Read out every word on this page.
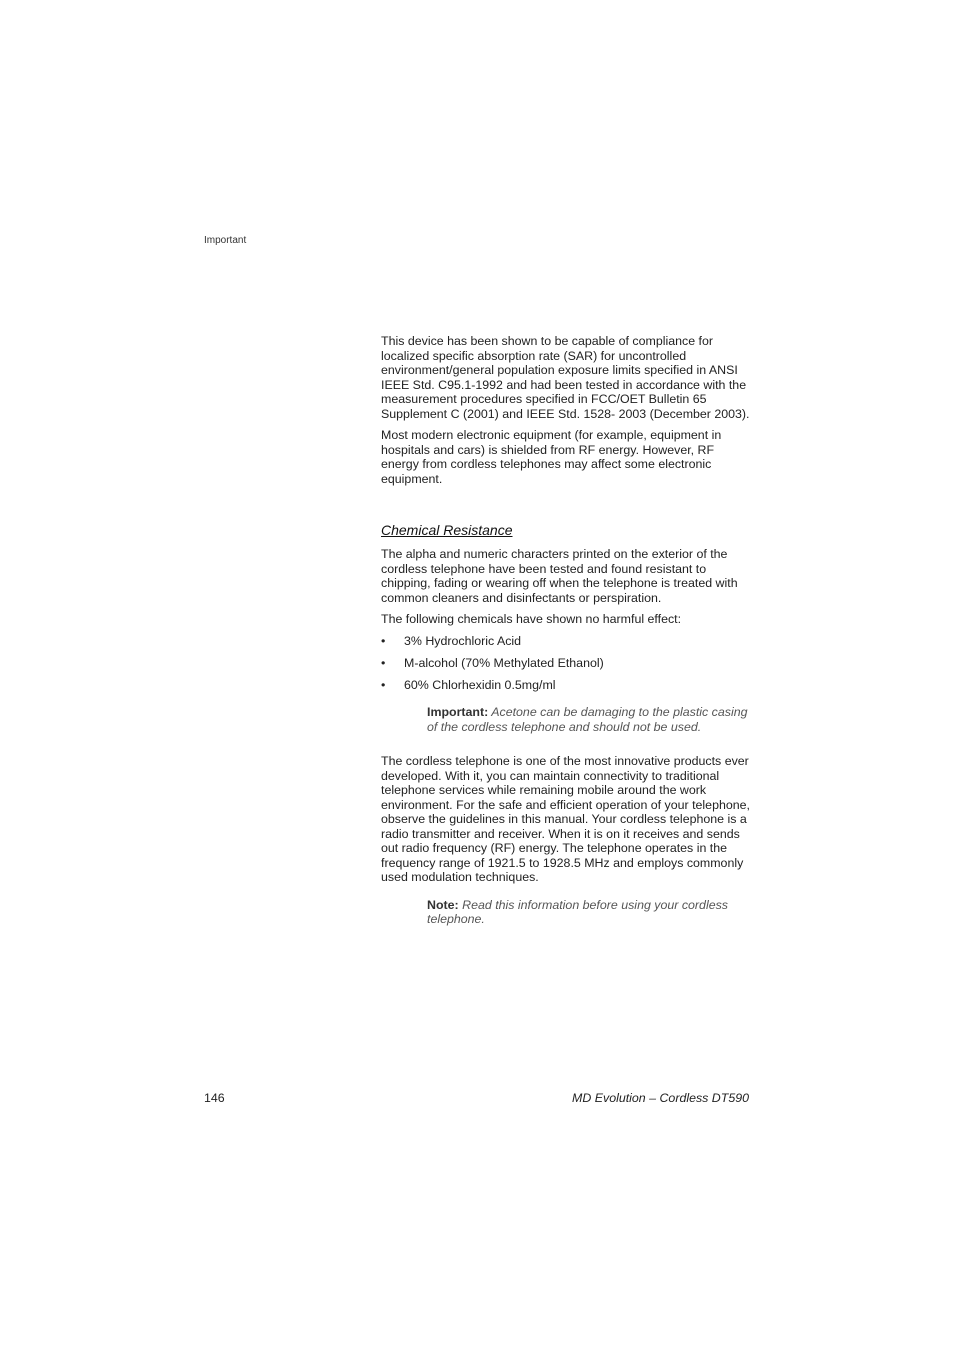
Important

This device has been shown to be capable of compliance for localized specific absorption rate (SAR) for uncontrolled environment/general population exposure limits specified in ANSI IEEE Std. C95.1-1992 and had been tested in accordance with the measurement procedures specified in FCC/OET Bulletin 65 Supplement C (2001) and IEEE Std. 1528- 2003 (December 2003).

Most modern electronic equipment (for example, equipment in hospitals and cars) is shielded from RF energy. However, RF energy from cordless telephones may affect some electronic equipment.

Chemical Resistance

The alpha and numeric characters printed on the exterior of the cordless telephone have been tested and found resistant to chipping, fading or wearing off when the telephone is treated with common cleaners and disinfectants or perspiration.

The following chemicals have shown no harmful effect:

• 3% Hydrochloric Acid
• M-alcohol (70% Methylated Ethanol)
• 60% Chlorhexidin 0.5mg/ml
Important: Acetone can be damaging to the plastic casing of the cordless telephone and should not be used.

The cordless telephone is one of the most innovative products ever developed. With it, you can maintain connectivity to traditional telephone services while remaining mobile around the work environment. For the safe and efficient operation of your telephone, observe the guidelines in this manual. Your cordless telephone is a radio transmitter and receiver. When it is on it receives and sends out radio frequency (RF) energy. The telephone operates in the frequency range of 1921.5 to 1928.5 MHz and employs commonly used modulation techniques.

Note: Read this information before using your cordless telephone.
146	MD Evolution – Cordless DT590
